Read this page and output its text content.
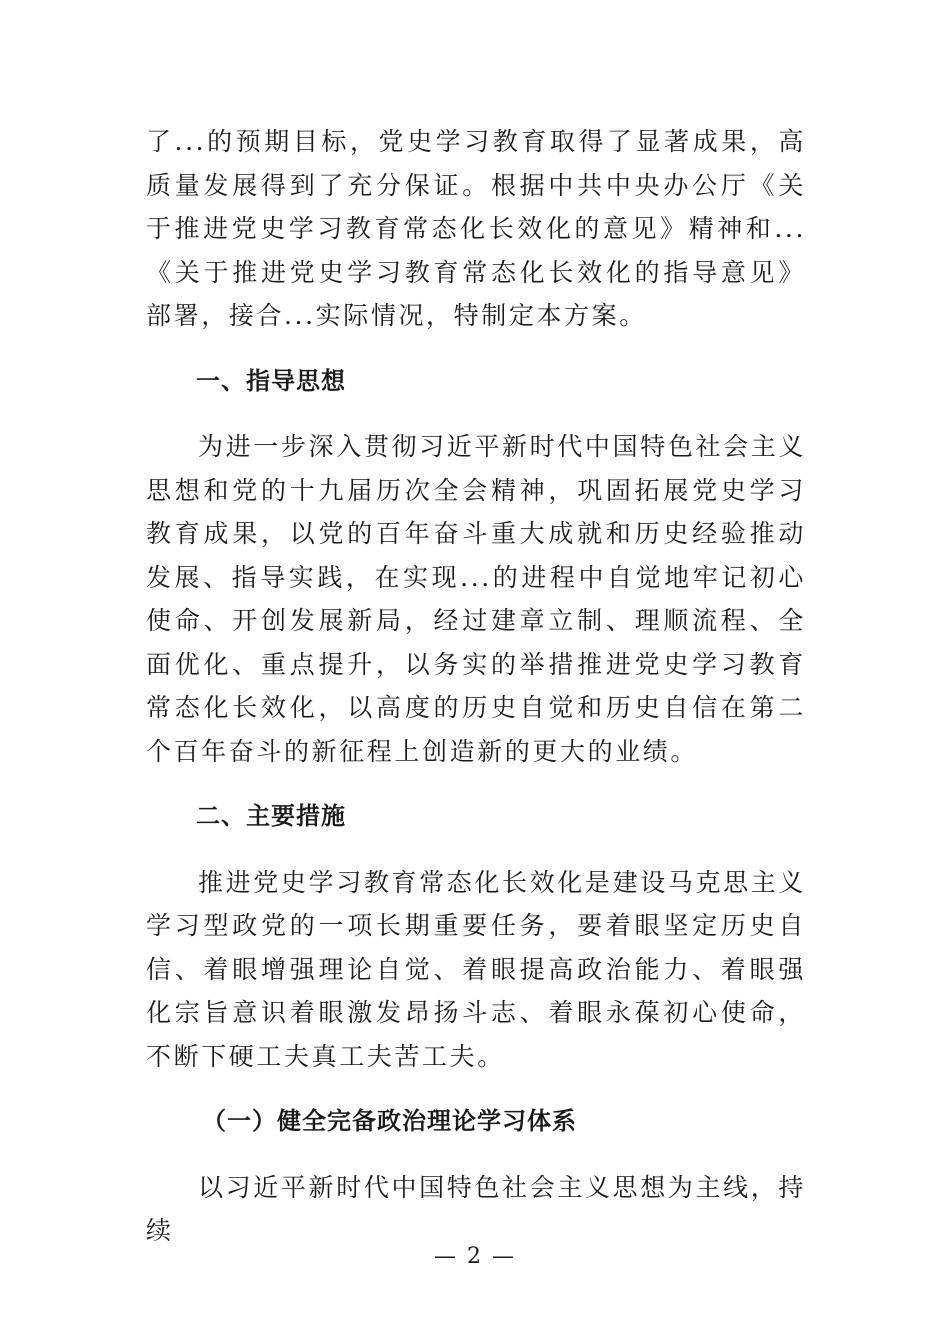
了...的预期目标，党史学习教育取得了显著成果，高质量发展得到了充分保证。根据中共中央办公厅《关于推进党史学习教育常态化长效化的意见》精神和...《关于推进党史学习教育常态化长效化的指导意见》部署，接合...实际情况，特制定本方案。

一、指导思想

为进一步深入贯彻习近平新时代中国特色社会主义思想和党的十九届历次全会精神，巩固拓展党史学习教育成果，以党的百年奋斗重大成就和历史经验推动发展、指导实践，在实现...的进程中自觉地牢记初心使命、开创发展新局，经过建章立制、理顺流程、全面优化、重点提升，以务实的举措推进党史学习教育常态化长效化，以高度的历史自觉和历史自信在第二个百年奋斗的新征程上创造新的更大的业绩。

二、主要措施

推进党史学习教育常态化长效化是建设马克思主义学习型政党的一项长期重要任务，要着眼坚定历史自信、着眼增强理论自觉、着眼提高政治能力、着眼强化宗旨意识着眼激发昂扬斗志、着眼永葆初心使命，不断下硬工夫真工夫苦工夫。

（一）健全完备政治理论学习体系

以习近平新时代中国特色社会主义思想为主线，持续

— 2 —
